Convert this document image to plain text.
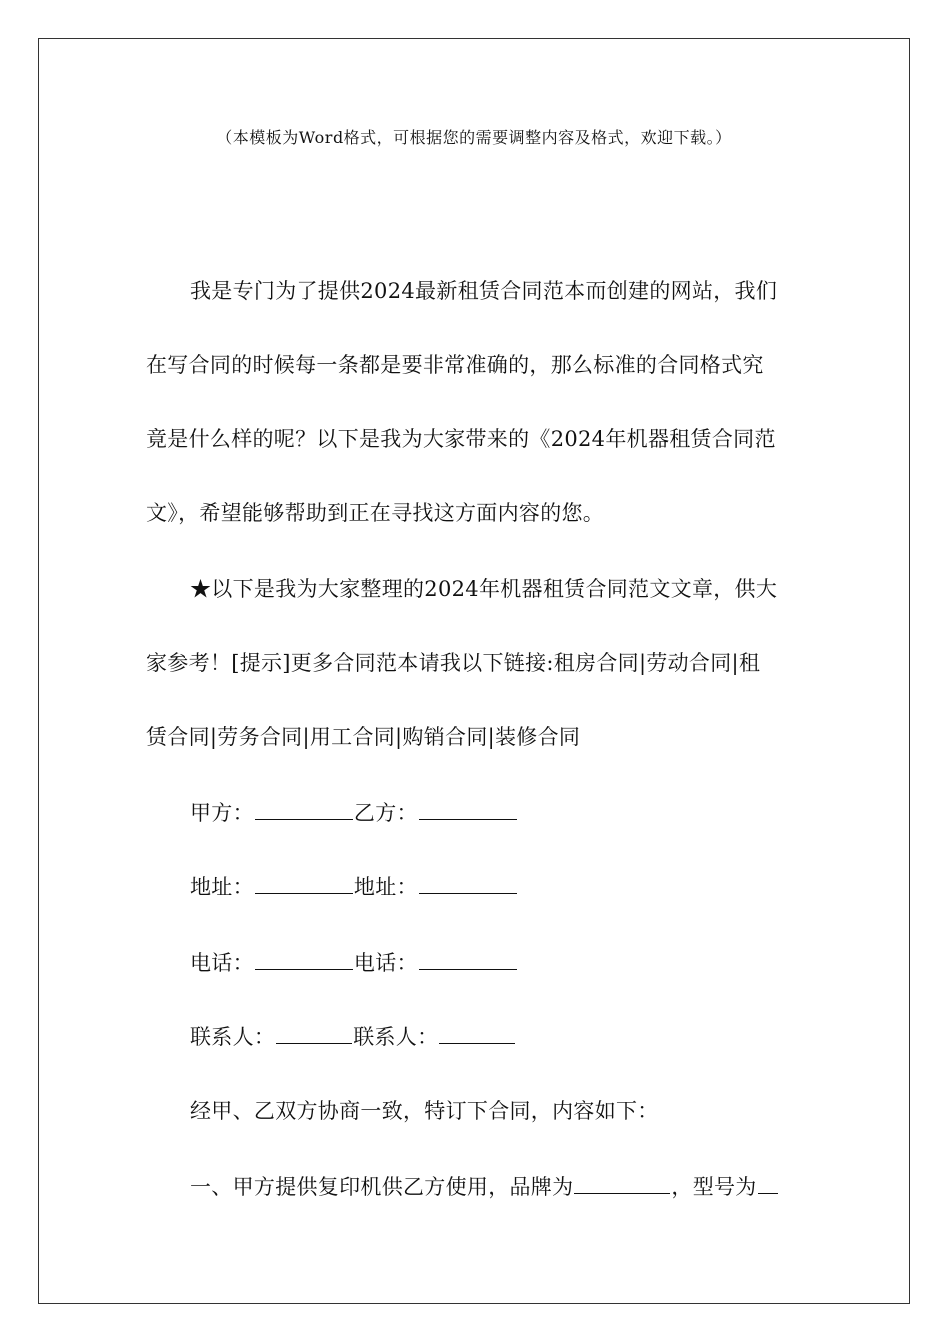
（本模板为Word格式，可根据您的需要调整内容及格式，欢迎下载。）
我是专门为了提供2024最新租赁合同范本而创建的网站，我们
在写合同的时候每一条都是要非常准确的，那么标准的合同格式究
竟是什么样的呢？以下是我为大家带来的《2024年机器租赁合同范
文》，希望能够帮助到正在寻找这方面内容的您。
★以下是我为大家整理的2024年机器租赁合同范文文章，供大
家参考！[提示]更多合同范本请我以下链接:租房合同|劳动合同|租
赁合同|劳务合同|用工合同|购销合同|装修合同
甲方：	乙方：
地址：	地址：
电话：	电话：
联系人：	联系人：
经甲、乙双方协商一致，特订下合同，内容如下：
一、甲方提供复印机供乙方使用，品牌为	，型号为
